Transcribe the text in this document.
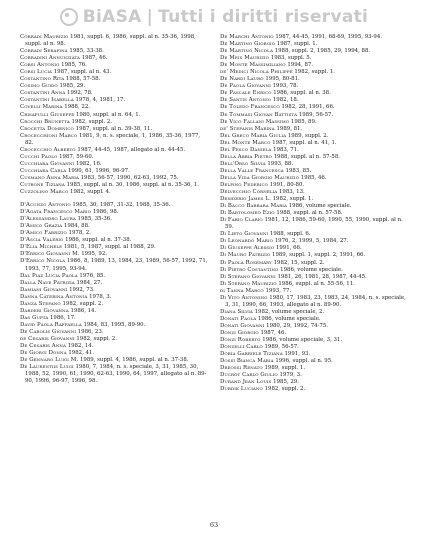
BiASA | Tutti i diritti riservati

Corradi Maurizio 1981, suppl. 6, 1986, suppl. al n. 35-36, 1998, suppl. al n. 98.

Corradi Serafina 1985, 33-38.

Corradini Annunziata 1987, 46.

Corsi Antonio 1985, 76.

Corsi Lucia 1987, suppl. al n. 43.

Costantino Rita 1988, 57-58.

Cosimo Guido 1985, 29.

Costantini Anna 1992, 78.

Costantini Isabella 1978, 4, 1981, 17.

Covelli Marina 1988, 22.

Crisafulli Giuseppe 1980, suppl. al n. 64, 1.

Crocchi Brunetta 1982, suppl. 2.

Crocetta Domenico 1987, suppl. al n. 39-38, 11.

Crocecchioni Marco 1981, 9, n. s. speciale, 1, 1986, 35-36, 1977, 82.

Crocecchio Alberto 1987, 44-45, 1987, allegato al n. 44-45.

Cucchi Paolo 1987, 59-60.

Cucchiara Giovanni 1982, 16.

Cucchiara Carla 1990, 61, 1996, 96-97.

Cusmano Anna Maria 1983, 56-57, 1990, 62-63, 1992, 75.

Cutrone Tiziana 1985, suppl. al n. 30, 1986, suppl. al n. 35-36, 1.

Cuzzolino Marco 1982, suppl. 4.

D'Acunzo Antonio 1985, 30, 1987, 31-32, 1988, 35-36.

D'Agata Francesco Mario 1986, 98.

D'Alessandro Laura 1985, 35-36.

D'Amico Grazia 1984, 88.

D'Amico Fabrizio 1978, 2.

D'Ascia Valerio 1986, suppl. al n. 37-38.

D'Elia Michele 1981, 5, 1987, suppl. al 1988, 29.

D'Errico Giovanni M. 1995, 92.

D'Errico Nicola 1986, 8, 1989, 13, 1984, 23, 1989, 56-57, 1992, 71, 1993, 77, 1995, 93-94.

Dal Piaz Lucia Paola 1976, 85.

Dalla Nave Patrizia 1984, 27.

Damiani Giovanni 1992, 73.

Danna Caterina Antonia 1978, 3.

Danza Stefano 1982, suppl. 2.

Darderi Giovanna 1986, 14.

Das Gupta 1986, 17.

David Paola Raffaella 1984, 83, 1995, 89-90.

De Carolis Giovanni 1986, 23.

de Cesaris Giovanni 1982, suppl. 2.

De Cesaris Anna 1982, 14.

De Giorgi Donna 1982, 41.

De Gennaro Luigi M. 1989, suppl. 4, 1986, suppl. al n. 37-38.

De Laurentiis Luigi 1980, 7, 1984, n. s. speciale, 3, 31, 1985, 30, 1988, 52, 1990, 61, 1990, 62-63, 1990, 64, 1997, allegato al n. 89-90, 1996, 96-97, 1996, 98.

De Marchi Antonio 1987, 44-45, 1991, 68-69, 1995, 93-94.

De Martino Giorgio 1987, suppl. 1.

De Martino Nicola 1988, suppl. 2, 1985, 29, 1994, 88.

De Meis Maurizio 1983, suppl. 5.

De Monte Massimiliano 1994, 87.

de' Medici Nicola Philippe 1982, suppl. 1.

De Nardi Lauro 1995, 80-81.

De Paola Giovanni 1993, 78.

De Pascale Enrico 1986, suppl. al n. 38.

De Santis Antonio 1982, 18.

De Toledo Francesco 1982, 28, 1991, 66.

De Tommasi Giovan Battista 1989, 56-57.

De Vico Fallani Massimo 1985, 89.

de' Stefanis Marina 1989, 81.

Del Greco Maria Giulia 1989, suppl. 2.

Del Monte Marco 1987, suppl. al n. 41, 1.

Del Pesco Daniela 1983, 71.

Della Abbia Pietro 1988, suppl. al n. 57-58.

Dell'Orso Silvia 1993, 88.

Della Valle Francesca 1983, 85.

Della Vida Giorgio Maurizio 1985, 46.

Delpino Federico 1991, 80-80.

Delvecchio Cornelia 1983, 13.

Desiderio James L. 1982, suppl. 1.

Di Bacco Barbara Maria 1986, volume speciale.

Di Bartolomeo Ezio 1988, suppl. al n. 57-58.

Di Fabio Clario 1981, 12, 1986, 59-60, 1990, 55, 1990, suppl. al n. 59.

Di Lieto Giovanni 1988, suppl. 6.

Di Leonardo Mario 1976, 2, 1999, 5, 1984, 27.

Di Giuseppe Alessio 1991, 66.

Di Mauro Patrizio 1989, suppl. 1, suppl. 2, 1991, 66.

Di Paola Rosemary 1982, 15, suppl. 2.

Di Pietro Costantino 1986, volume speciale.

Di Stefano Giovanni 1981, 26, 1981, 28, 1987, 44-45.

Di Stefano Maurizio 1986, suppl. al n. 55-56, 11.

di Tanna Marco 1993, 77.

Di Vito Antonino 1980, 17, 1983, 23, 1983, 24, 1984, n. s. speciale, 3, 31, 1990, 66, 1993, allegato al n. 89-90.

Diana Silvia 1982, volume speciale, 2.

Donati Paola 1986, volume speciale.

Donati Giovanni 1980, 29, 1992, 74-75.

Donzi Giorgio 1987, 46.

Donzi Roberto 1986, volume speciale, 3, 31.

Donzelli Carlo 1989, 56-57.

Doria Gabriele Tiziana 1991, 93.

Dossi Bianca Maria 1996, suppl. al n. 95.

Dreossi Renato 1989, suppl. 1.

Ducrot Carlo Giulio 1979, 3.

Durand Jean Louis 1985, 29.

Durdik Luciano 1982, suppl. 2.

63
